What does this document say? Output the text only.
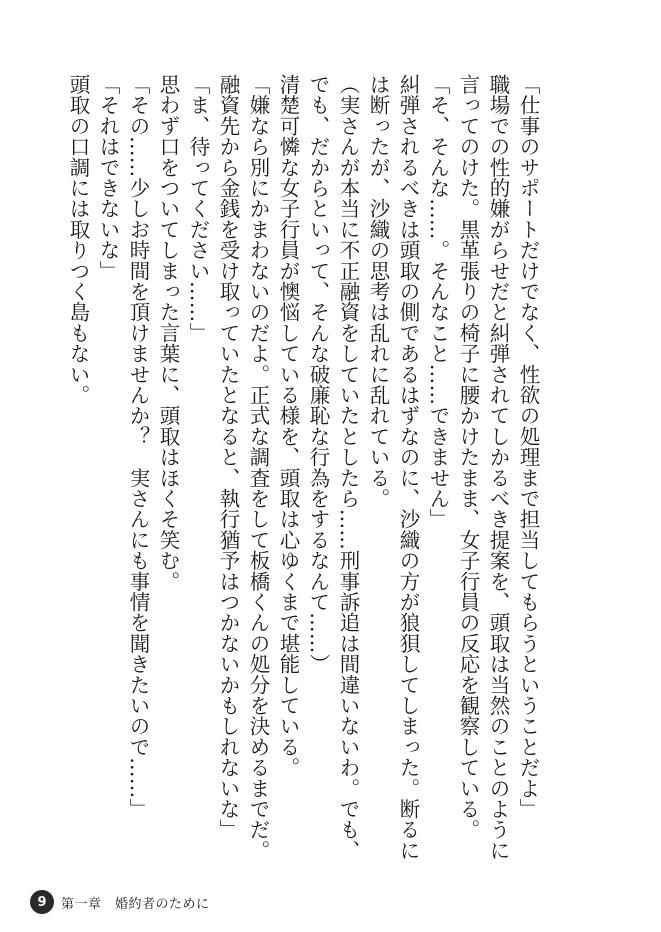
「仕事のサポートだけでなく、性欲の処理まで担当してもらうということだよ」

職場での性的嫌がらせだと糾弾されてしかるべき提案を、頭取は当然のことのように言ってのけた。黒革張りの椅子に腰かけたまま、女子行員の反応を観察している。

「そ、そんな……。そんなこと……できません」

糾弾されるべきは頭取の側であるはずなのに、沙織の方が狼狽してしまった。断るには断ったが、沙織の思考は乱れに乱れている。

（実さんが本当に不正融資をしていたとしたら……刑事訴追は間違いないわ。でも、でも、だからといって、そんな破廉恥な行為をするなんて……）

清楚可憐な女子行員が懊悩している様を、頭取は心ゆくまで堪能している。

「嫌なら別にかまわないのだよ。正式な調査をして板橋くんの処分を決めるまでだ。融資先から金銭を受け取っていたとなると、執行猶予はつかないかもしれないな」

「ま、待ってください……」

思わず口をついてしまった言葉に、頭取はほくそ笑む。

「その……少しお時間を頂けませんか？　実さんにも事情を聞きたいので……」

「それはできないな」

頭取の口調には取りつく島もない。

9	第一章　婚約者のために
